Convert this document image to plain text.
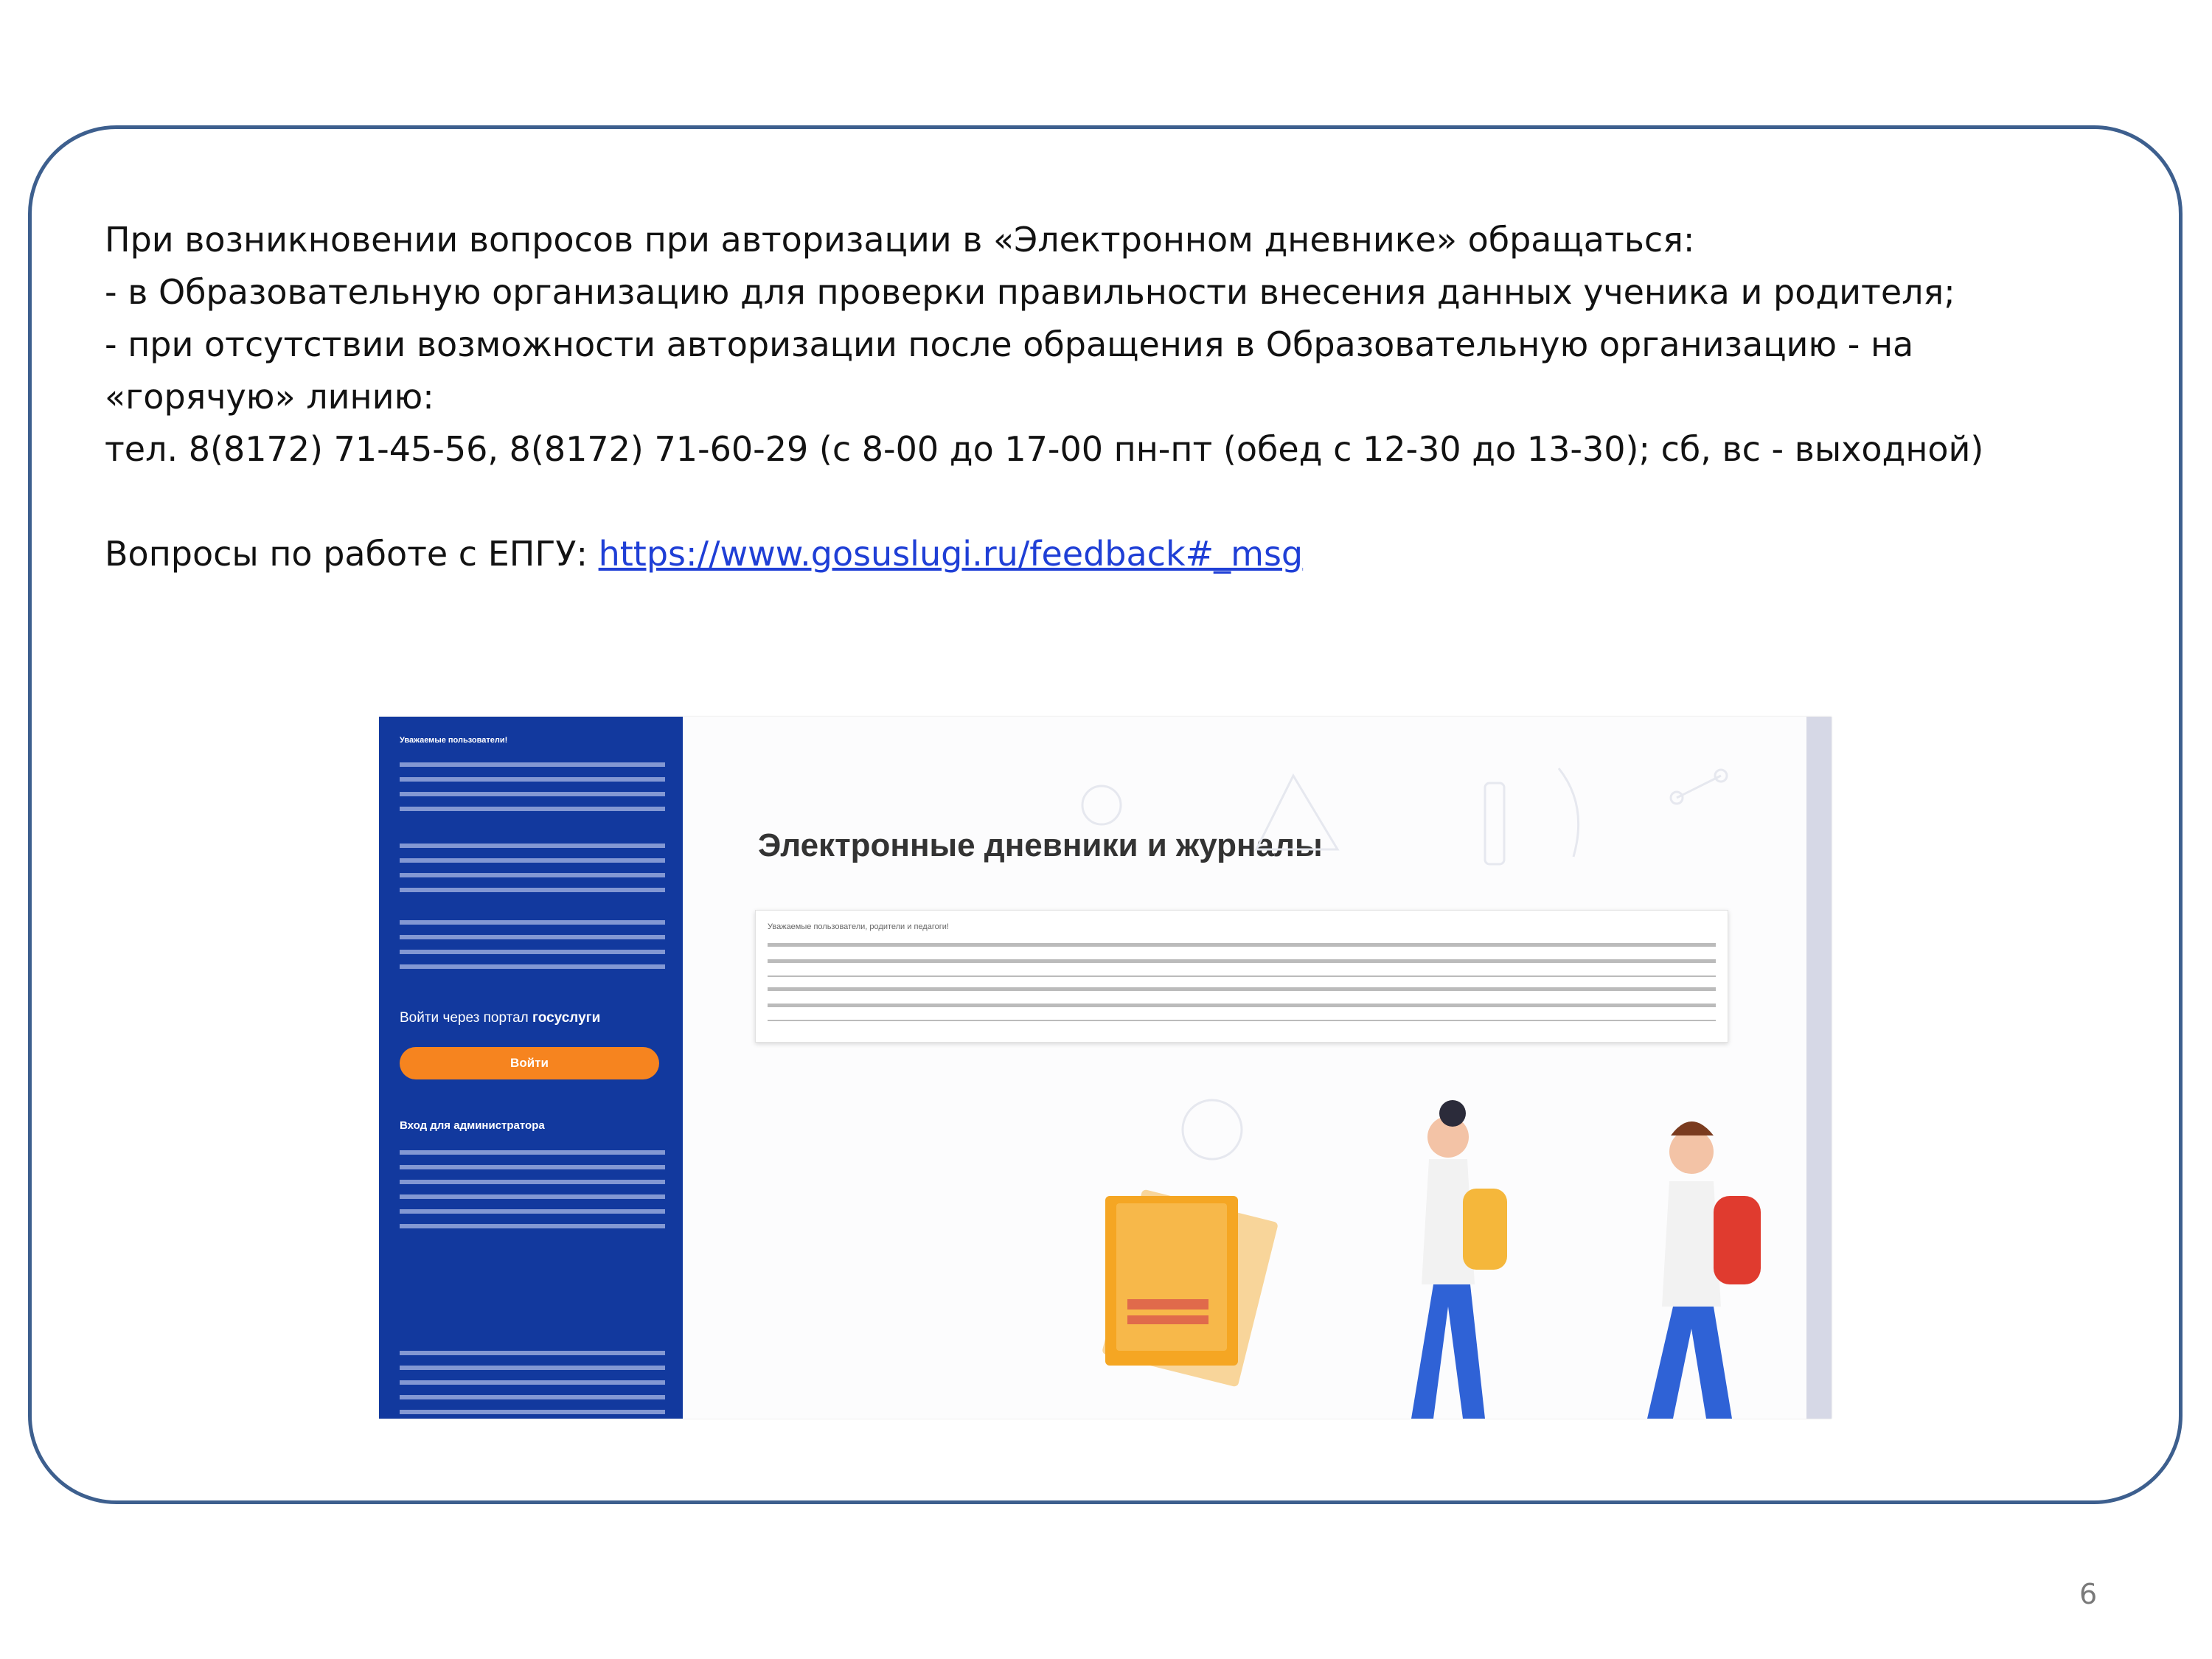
При возникновении вопросов при авторизации в «Электронном дневнике» обращаться:

- в Образовательную организацию для проверки правильности внесения данных ученика и родителя;

- при отсутствии возможности авторизации после обращения в Образовательную организацию - на

«горячую» линию:

тел. 8(8172) 71-45-56, 8(8172) 71-60-29 (с 8-00 до 17-00 пн-пт (обед с 12-30 до 13-30); сб, вс - выходной)

Вопросы по работе с ЕПГУ: https://www.gosuslugi.ru/feedback#_msg

Уважаемые пользователи!
Войти через портал госуслуги
Войти
Вход для администратора
Электронные дневники и журналы
Уважаемые пользователи, родители и педагоги!
6
